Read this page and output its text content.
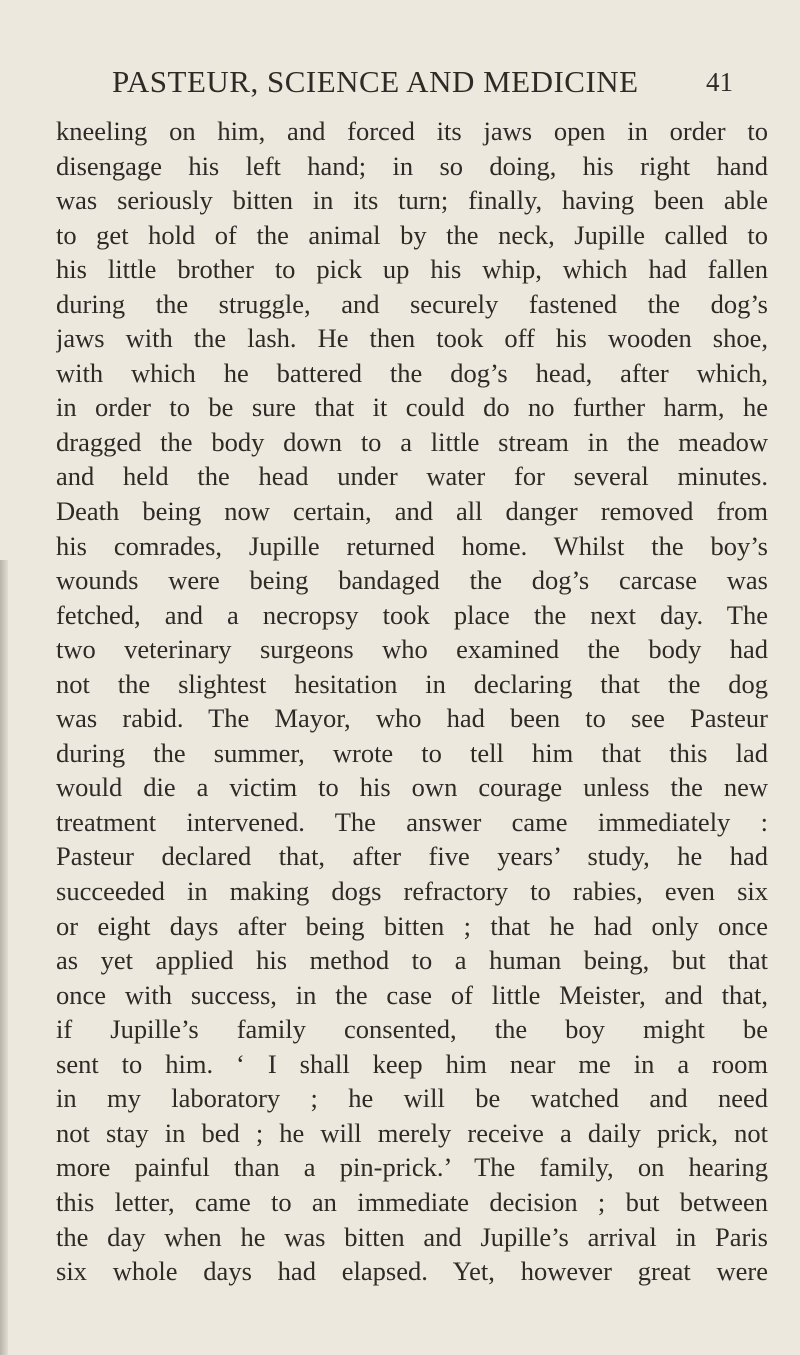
PASTEUR, SCIENCE AND MEDICINE 41
kneeling on him, and forced its jaws open in order to
disengage his left hand; in so doing, his right hand
was seriously bitten in its turn; finally, having been able
to get hold of the animal by the neck, Jupille called to
his little brother to pick up his whip, which had fallen
during the struggle, and securely fastened the dog’s
jaws with the lash. He then took off his wooden shoe,
with which he battered the dog’s head, after which,
in order to be sure that it could do no further harm, he
dragged the body down to a little stream in the meadow
and held the head under water for several minutes.
Death being now certain, and all danger removed from
his comrades, Jupille returned home. Whilst the boy’s
wounds were being bandaged the dog’s carcase was
fetched, and a necropsy took place the next day. The
two veterinary surgeons who examined the body had
not the slightest hesitation in declaring that the dog
was rabid. The Mayor, who had been to see Pasteur
during the summer, wrote to tell him that this lad
would die a victim to his own courage unless the new
treatment intervened. The answer came immediately :
Pasteur declared that, after five years’ study, he had
succeeded in making dogs refractory to rabies, even six
or eight days after being bitten ; that he had only once
as yet applied his method to a human being, but that
once with success, in the case of little Meister, and that,
if Jupille’s family consented, the boy might be
sent to him. ‘ I shall keep him near me in a room
in my laboratory ; he will be watched and need
not stay in bed ; he will merely receive a daily prick, not
more painful than a pin-prick.’ The family, on hearing
this letter, came to an immediate decision ; but between
the day when he was bitten and Jupille’s arrival in Paris
six whole days had elapsed. Yet, however great were
